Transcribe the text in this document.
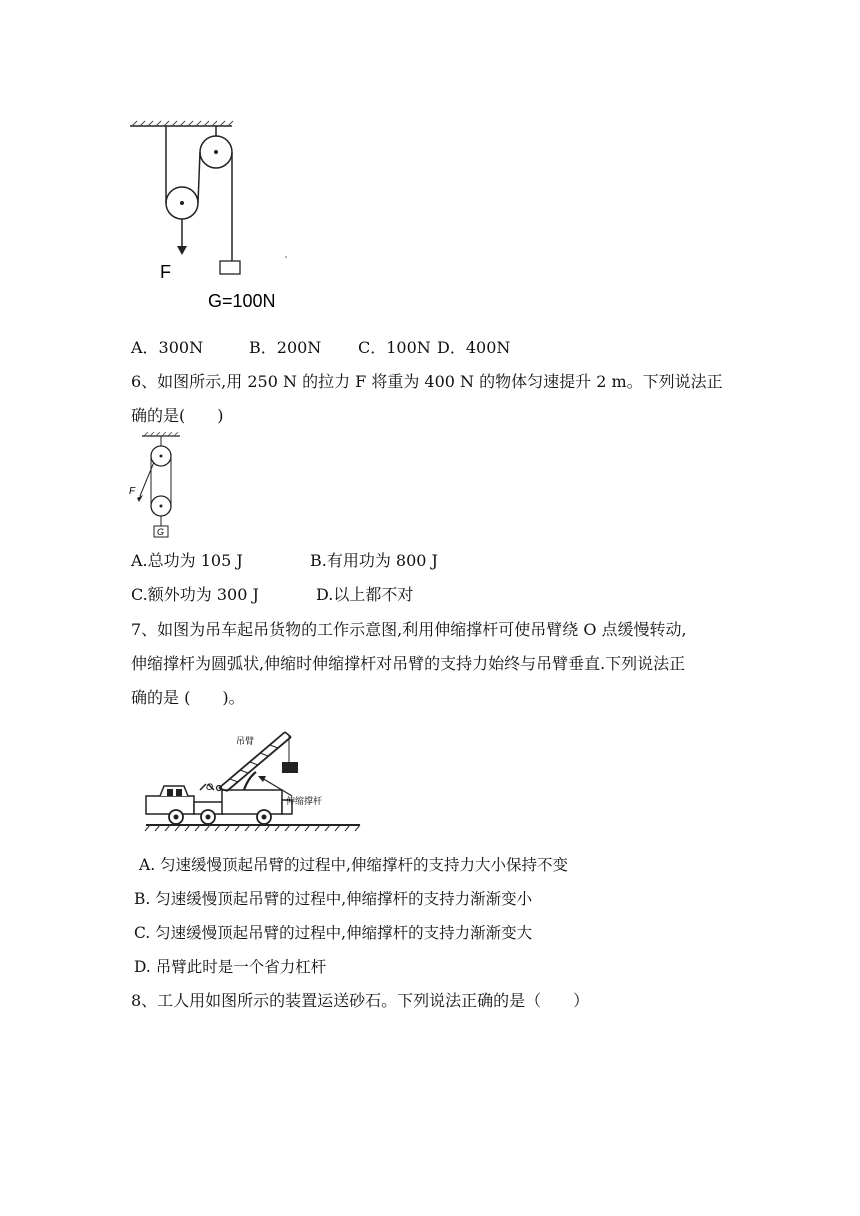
F
G=100N
A．300N	B．200N C．100N D．400N
6、如图所示,用 250 N 的拉力 F 将重为 400 N 的物体匀速提升 2 m。下列说法正
确的是(　　)
F
G
A.总功为 105 J	B.有用功为 800 J
C.额外功为 300 J	D.以上都不对
7、如图为吊车起吊货物的工作示意图,利用伸缩撑杆可使吊臂绕 O 点缓慢转动,
伸缩撑杆为圆弧状,伸缩时伸缩撑杆对吊臂的支持力始终与吊臂垂直.下列说法正
确的是 (　　)。
吊臂
O
伸缩撑杆
A. 匀速缓慢顶起吊臂的过程中,伸缩撑杆的支持力大小保持不变
B. 匀速缓慢顶起吊臂的过程中,伸缩撑杆的支持力渐渐变小
C. 匀速缓慢顶起吊臂的过程中,伸缩撑杆的支持力渐渐变大
D. 吊臂此时是一个省力杠杆
8、工人用如图所示的装置运送砂石。下列说法正确的是（　　）
